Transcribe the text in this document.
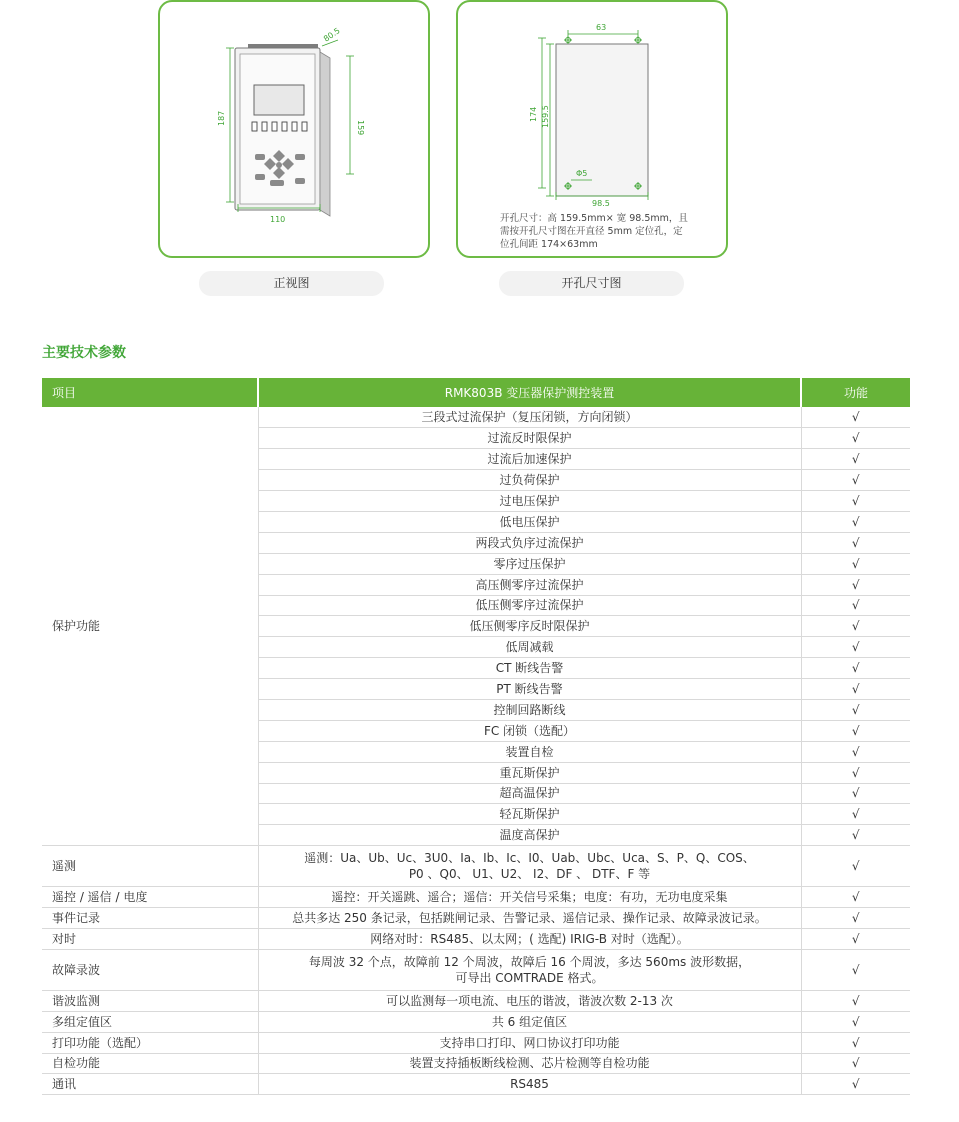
187
159
110
80.5	63
174 159.5
Φ5
98.5
开孔尺寸：高 159.5mm× 宽 98.5mm，且
需按开孔尺寸图在开直径 5mm 定位孔，定
位孔间距 174×63mm
正视图	开孔尺寸图
主要技术参数
项目	RMK803B 变压器保护测控装置	功能
保护功能	三段式过流保护（复压闭锁，方向闭锁）	√
	过流反时限保护	√
	过流后加速保护	√
	过负荷保护	√
	过电压保护	√
	低电压保护	√
	两段式负序过流保护	√
	零序过压保护	√
	高压侧零序过流保护	√
	低压侧零序过流保护	√
	低压侧零序反时限保护	√
	低周减载	√
	CT 断线告警	√
	PT 断线告警	√
	控制回路断线	√
	FC 闭锁（选配）	√
	装置自检	√
	重瓦斯保护	√
	超高温保护	√
	轻瓦斯保护	√
	温度高保护	√
遥测	遥测：Ua、Ub、Uc、3U0、Ia、Ib、Ic、I0、Uab、Ubc、Uca、S、P、Q、COS、
P0 、Q0、 U1、U2、 I2、DF 、 DTF、F 等	√
遥控 / 遥信 / 电度	遥控：开关遥跳、遥合；遥信：开关信号采集；电度：有功，无功电度采集	√
事件记录	总共多达 250 条记录，包括跳闸记录、告警记录、遥信记录、操作记录、故障录波记录。	√
对时	网络对时：RS485、以太网；( 选配) IRIG-B 对时（选配）。	√
故障录波	每周波 32 个点，故障前 12 个周波，故障后 16 个周波，多达 560ms 波形数据，
可导出 COMTRADE 格式。	√
谐波监测	可以监测每一项电流、电压的谐波，谐波次数 2-13 次	√
多组定值区	共 6 组定值区	√
打印功能（选配）	支持串口打印、网口协议打印功能	√
自检功能	装置支持插板断线检测、芯片检测等自检功能	√
通讯	RS485	√
